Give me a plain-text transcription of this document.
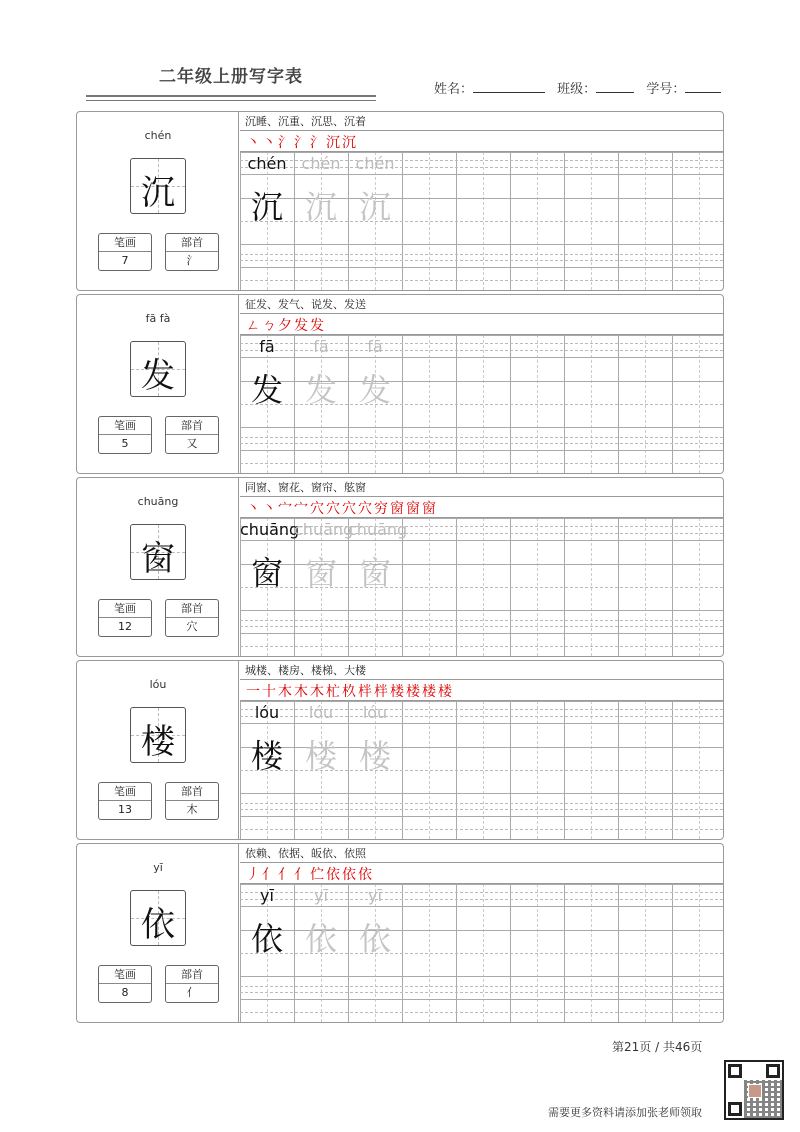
二年级上册写字表
姓名：	班级：	学号：
chén
沉
笔画
7
部首
氵
沉睡、沉重、沉思、沉着
丶 丶 氵 氵 氵 沉 沉
chén chén chén
沉 沉 沉
fā fà
发
笔画
5
部首
又
征发、发气、说发、发送
ㄥ ㄅ 夕 发 发
fā	fā	fā
发 发 发
chuāng
窗
笔画
12
部首
穴
同窗、窗花、窗帘、舷窗
丶 丶 宀 宀 穴 穴 穴 穴 穷 窗 窗 窗
chuāng
chuāng
chuāng
窗 窗 窗
lóu
楼
笔画
13
部首
木
城楼、楼房、楼梯、大楼
一 十 木 木 木 杧 杦 柈 柈 楼 楼 楼 楼
lóu	lóu	lóu
楼 楼 楼
yī
依
笔画
8
部首
亻
依赖、依据、皈依、依照
丿 亻 亻 亻 伫 依 依 依
yī	yī	yī
依 依 依
第21页 / 共46页
需要更多资料请添加张老师领取
